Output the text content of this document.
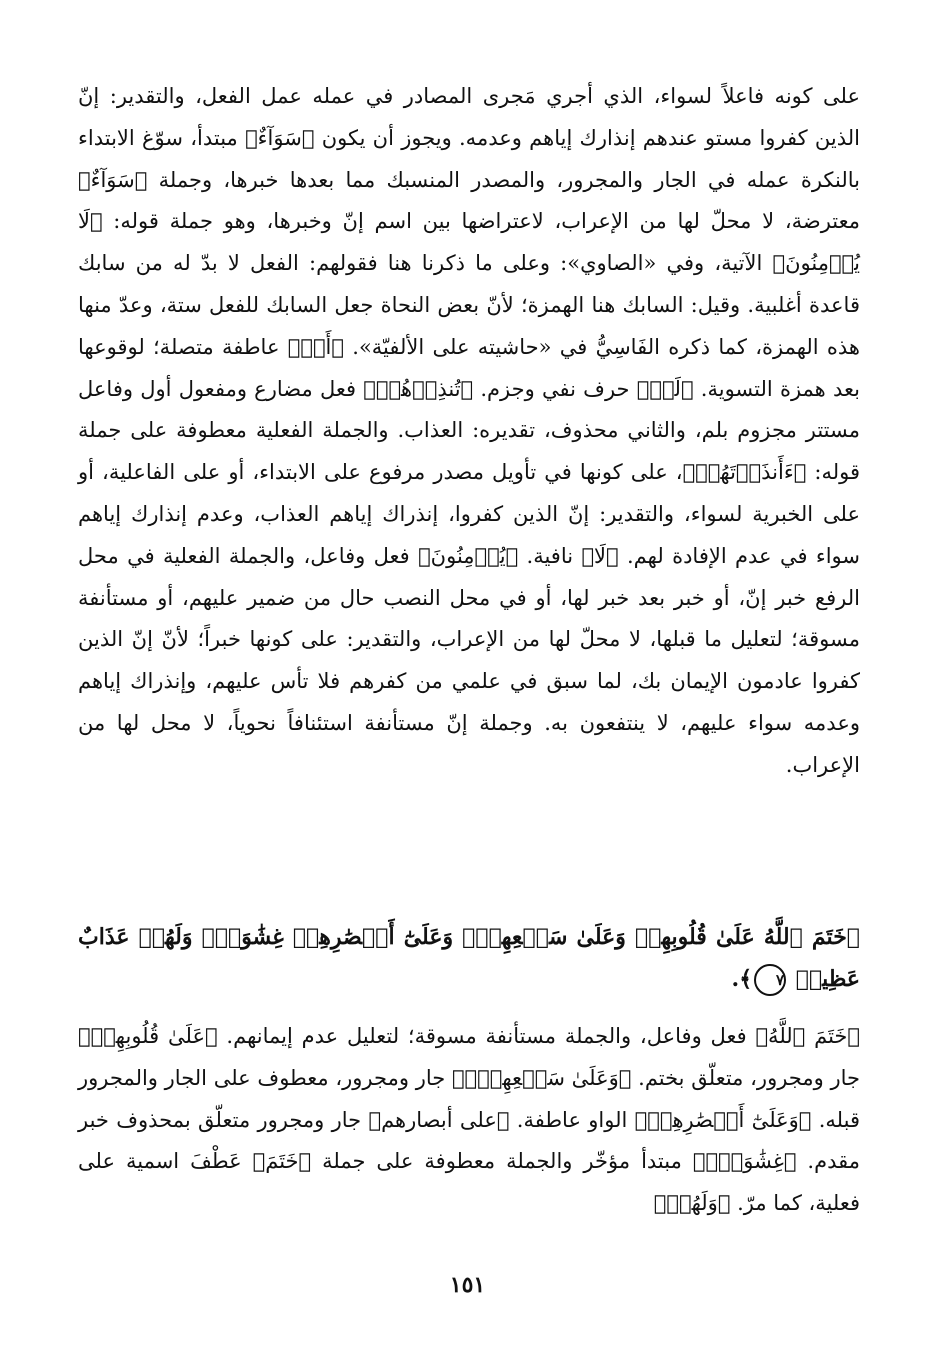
على كونه فاعلاً لسواء، الذي أجري مَجرى المصادر في عمله عمل الفعل، والتقدير: إنّ الذين كفروا مستو عندهم إنذارك إياهم وعدمه. ويجوز أن يكون ﴿سَوَآءٌ﴾ مبتدأ، سوّغ الابتداء بالنكرة عمله في الجار والمجرور، والمصدر المنسبك مما بعدها خبرها، وجملة ﴿سَوَآءٌ﴾ معترضة، لا محلّ لها من الإعراب، لاعتراضها بين اسم إنّ وخبرها، وهو جملة قوله: ﴿لَا يُؤۡمِنُونَ﴾ الآتية، وفي «الصاوي»: وعلى ما ذكرنا هنا فقولهم: الفعل لا بدّ له من سابك قاعدة أغلبية. وقيل: السابك هنا الهمزة؛ لأنّ بعض النحاة جعل السابك للفعل ستة، وعدّ منها هذه الهمزة، كما ذكره الفَاسِيُّ في «حاشيته على الألفيّة». ﴿أَمۡ﴾ عاطفة متصلة؛ لوقوعها بعد همزة التسوية. ﴿لَمۡ﴾ حرف نفي وجزم. ﴿تُنذِرۡهُمۡ﴾ فعل مضارع ومفعول أول وفاعل مستتر مجزوم بلم، والثاني محذوف، تقديره: العذاب. والجملة الفعلية معطوفة على جملة قوله: ﴿ءَأَنذَرۡتَهُمۡ﴾، على كونها في تأويل مصدر مرفوع على الابتداء، أو على الفاعلية، أو على الخبرية لسواء، والتقدير: إنّ الذين كفروا، إنذراك إياهم العذاب، وعدم إنذارك إياهم سواء في عدم الإفادة لهم. ﴿لَا﴾ نافية. ﴿يُؤۡمِنُونَ﴾ فعل وفاعل، والجملة الفعلية في محل الرفع خبر إنّ، أو خبر بعد خبر لها، أو في محل النصب حال من ضمير عليهم، أو مستأنفة مسوقة؛ لتعليل ما قبلها، لا محلّ لها من الإعراب، والتقدير: على كونها خبراً؛ لأنّ إنّ الذين كفروا عادمون الإيمان بك، لما سبق في علمي من كفرهم فلا تأس عليهم، وإنذراك إياهم وعدمه سواء عليهم، لا ينتفعون به. وجملة إنّ مستأنفة استئنافاً نحوياً، لا محل لها من الإعراب.

﴿خَتَمَ ٱللَّهُ عَلَىٰ قُلُوبِهِمۡ وَعَلَىٰ سَمۡعِهِمۡۖ وَعَلَىٰٓ أَبۡصَٰرِهِمۡ غِشَٰوَةٞۖ وَلَهُمۡ عَذَابٌ عَظِيمٞ ٧﴾.

﴿خَتَمَ ٱللَّهُ﴾ فعل وفاعل، والجملة مستأنفة مسوقة؛ لتعليل عدم إيمانهم. ﴿عَلَىٰ قُلُوبِهِمۡ﴾ جار ومجرور، متعلّق بختم. ﴿وَعَلَىٰ سَمۡعِهِمۡۖ﴾ جار ومجرور، معطوف على الجار والمجرور قبله. ﴿وَعَلَىٰٓ أَبۡصَٰرِهِمۡ﴾ الواو عاطفة. ﴿على أبصارهم﴾ جار ومجرور متعلّق بمحذوف خبر مقدم. ﴿غِشَٰوَةٞۖ﴾ مبتدأ مؤخّر والجملة معطوفة على جملة ﴿خَتَمَ﴾ عَطْفَ اسمية على فعلية، كما مرّ. ﴿وَلَهُمۡ﴾

١٥١
